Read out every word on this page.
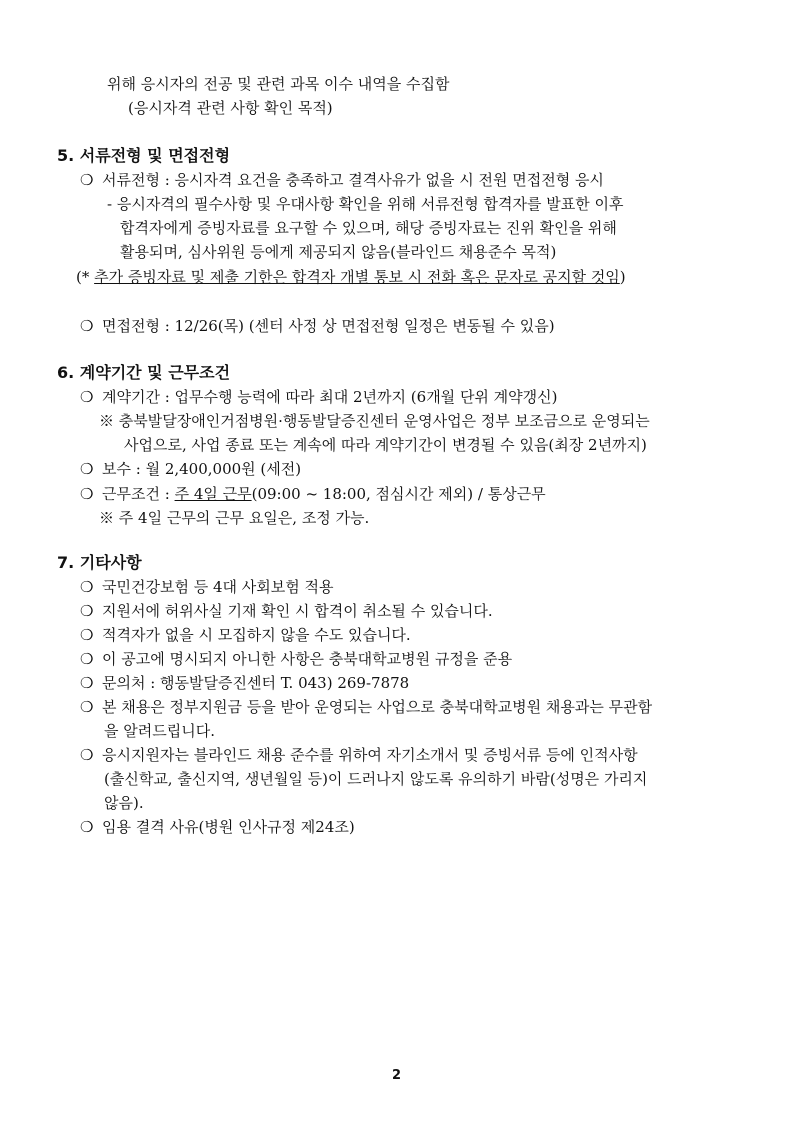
위해 응시자의 전공 및 관련 과목 이수 내역을 수집함
(응시자격 관련 사항 확인 목적)
5. 서류전형 및 면접전형
❍ 서류전형 : 응시자격 요건을 충족하고 결격사유가 없을 시 전원 면접전형 응시
- 응시자격의 필수사항 및 우대사항 확인을 위해 서류전형 합격자를 발표한 이후
합격자에게 증빙자료를 요구할 수 있으며, 해당 증빙자료는 진위 확인을 위해
활용되며, 심사위원 등에게 제공되지 않음(블라인드 채용준수 목적)
(* 추가 증빙자료 및 제출 기한은 합격자 개별 통보 시 전화 혹은 문자로 공지할 것임)
❍ 면접전형 : 12/26(목) (센터 사정 상 면접전형 일정은 변동될 수 있음)
6. 계약기간 및 근무조건
❍ 계약기간 : 업무수행 능력에 따라 최대 2년까지 (6개월 단위 계약갱신)
※ 충북발달장애인거점병원·행동발달증진센터 운영사업은 정부 보조금으로 운영되는
사업으로, 사업 종료 또는 계속에 따라 계약기간이 변경될 수 있음(최장 2년까지)
❍ 보수 : 월 2,400,000원 (세전)
❍ 근무조건 : 주 4일 근무(09:00 ~ 18:00, 점심시간 제외) / 통상근무
※ 주 4일 근무의 근무 요일은, 조정 가능.
7. 기타사항
❍ 국민건강보험 등 4대 사회보험 적용
❍ 지원서에 허위사실 기재 확인 시 합격이 취소될 수 있습니다.
❍ 적격자가 없을 시 모집하지 않을 수도 있습니다.
❍ 이 공고에 명시되지 아니한 사항은 충북대학교병원 규정을 준용
❍ 문의처 : 행동발달증진센터 T. 043) 269-7878
❍ 본 채용은 정부지원금 등을 받아 운영되는 사업으로 충북대학교병원 채용과는 무관함
을 알려드립니다.
❍ 응시지원자는 블라인드 채용 준수를 위하여 자기소개서 및 증빙서류 등에 인적사항
(출신학교, 출신지역, 생년월일 등)이 드러나지 않도록 유의하기 바람(성명은 가리지
않음).
❍ 임용 결격 사유(병원 인사규정 제24조)
2
